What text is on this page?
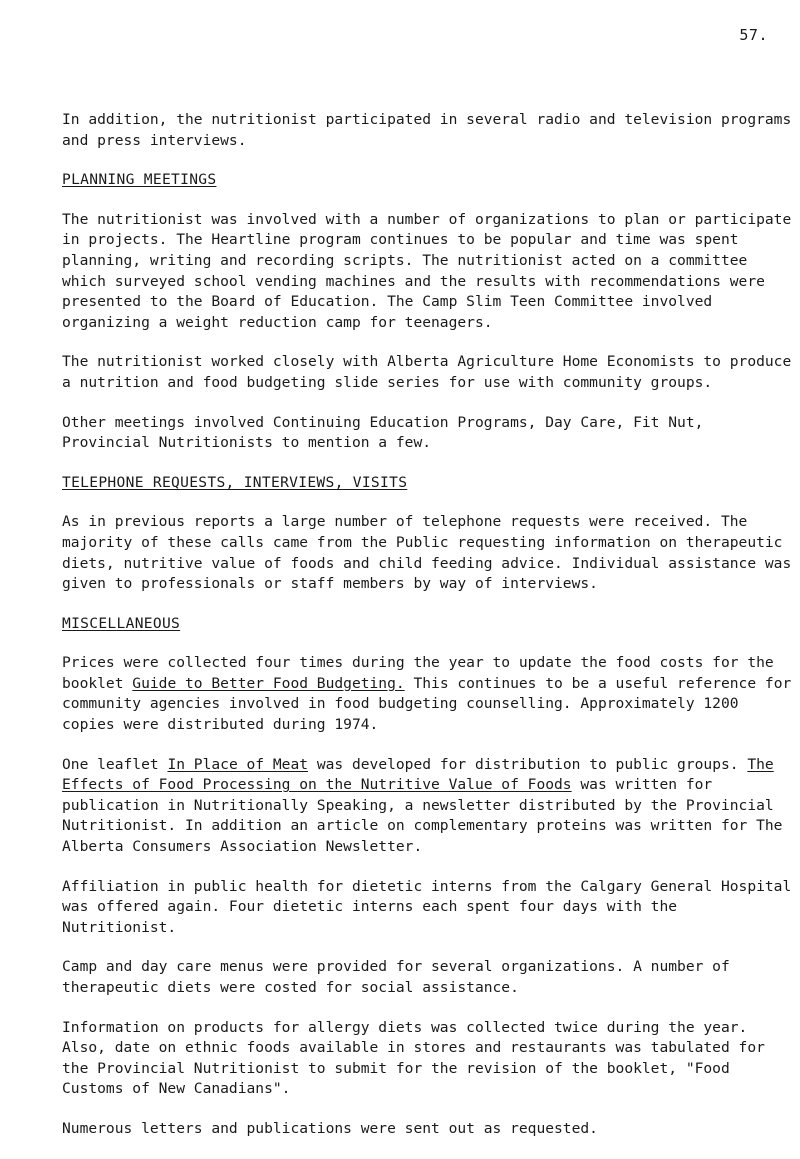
57.

In addition, the nutritionist participated in several radio and television programs and press interviews.

PLANNING MEETINGS

The nutritionist was involved with a number of organizations to plan or participate in projects. The Heartline program continues to be popular and time was spent planning, writing and recording scripts. The nutritionist acted on a committee which surveyed school vending machines and the results with recommendations were presented to the Board of Education. The Camp Slim Teen Committee involved organizing a weight reduction camp for teenagers.

The nutritionist worked closely with Alberta Agriculture Home Economists to produce a nutrition and food budgeting slide series for use with community groups.

Other meetings involved Continuing Education Programs, Day Care, Fit Nut, Provincial Nutritionists to mention a few.

TELEPHONE REQUESTS, INTERVIEWS, VISITS

As in previous reports a large number of telephone requests were received. The majority of these calls came from the Public requesting information on therapeutic diets, nutritive value of foods and child feeding advice. Individual assistance was given to professionals or staff members by way of interviews.

MISCELLANEOUS

Prices were collected four times during the year to update the food costs for the booklet Guide to Better Food Budgeting. This continues to be a useful reference for community agencies involved in food budgeting counselling. Approximately 1200 copies were distributed during 1974.

One leaflet In Place of Meat was developed for distribution to public groups. The Effects of Food Processing on the Nutritive Value of Foods was written for publication in Nutritionally Speaking, a newsletter distributed by the Provincial Nutritionist. In addition an article on complementary proteins was written for The Alberta Consumers Association Newsletter.

Affiliation in public health for dietetic interns from the Calgary General Hospital was offered again. Four dietetic interns each spent four days with the Nutritionist.

Camp and day care menus were provided for several organizations. A number of therapeutic diets were costed for social assistance.

Information on products for allergy diets was collected twice during the year. Also, date on ethnic foods available in stores and restaurants was tabulated for the Provincial Nutritionist to submit for the revision of the booklet, "Food Customs of New Canadians".

Numerous letters and publications were sent out as requested.
